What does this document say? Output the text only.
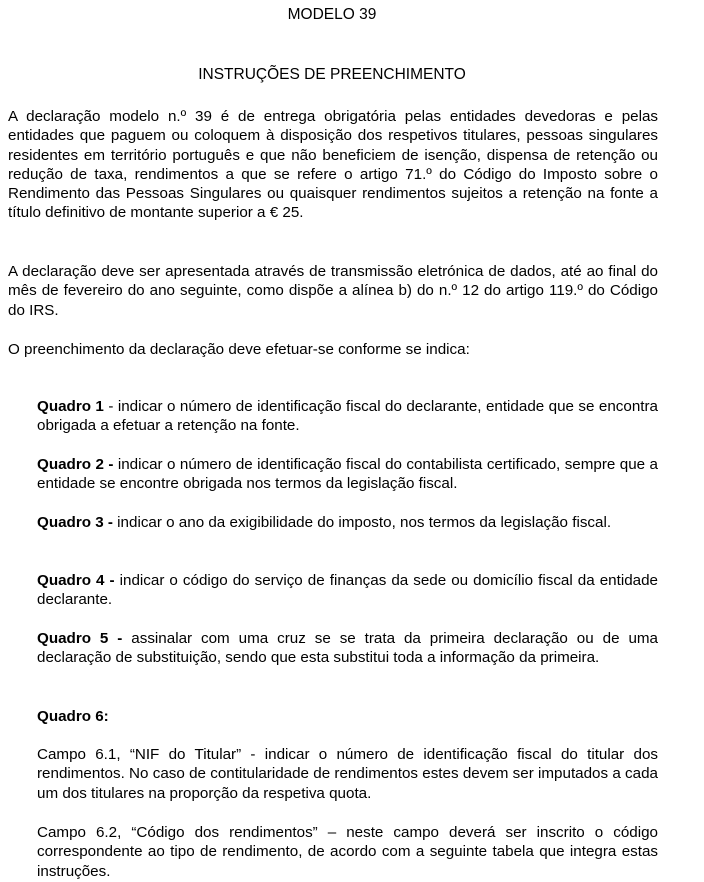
MODELO 39
INSTRUÇÕES DE PREENCHIMENTO

A declaração modelo n.º 39 é de entrega obrigatória pelas entidades devedoras e pelas entidades que paguem ou coloquem à disposição dos respetivos titulares, pessoas singulares residentes em território português e que não beneficiem de isenção, dispensa de retenção ou redução de taxa, rendimentos a que se refere o artigo 71.º do Código do Imposto sobre o Rendimento das Pessoas Singulares ou quaisquer rendimentos sujeitos a retenção na fonte a título definitivo de montante superior a € 25.

A declaração deve ser apresentada através de transmissão eletrónica de dados, até ao final do mês de fevereiro do ano seguinte, como dispõe a alínea b) do n.º 12 do artigo 119.º do Código do IRS.

O preenchimento da declaração deve efetuar-se conforme se indica:

Quadro 1 - indicar o número de identificação fiscal do declarante, entidade que se encontra obrigada a efetuar a retenção na fonte.

Quadro 2 - indicar o número de identificação fiscal do contabilista certificado, sempre que a entidade se encontre obrigada nos termos da legislação fiscal.

Quadro 3 - indicar o ano da exigibilidade do imposto, nos termos da legislação fiscal.

Quadro 4 - indicar o código do serviço de finanças da sede ou domicílio fiscal da entidade declarante.

Quadro 5 - assinalar com uma cruz se se trata da primeira declaração ou de uma declaração de substituição, sendo que esta substitui toda a informação da primeira.

Quadro 6:

Campo 6.1, “NIF do Titular” - indicar o número de identificação fiscal do titular dos rendimentos. No caso de contitularidade de rendimentos estes devem ser imputados a cada um dos titulares na proporção da respetiva quota.

Campo 6.2, “Código dos rendimentos” – neste campo deverá ser inscrito o código correspondente ao tipo de rendimento, de acordo com a seguinte tabela que integra estas instruções.
